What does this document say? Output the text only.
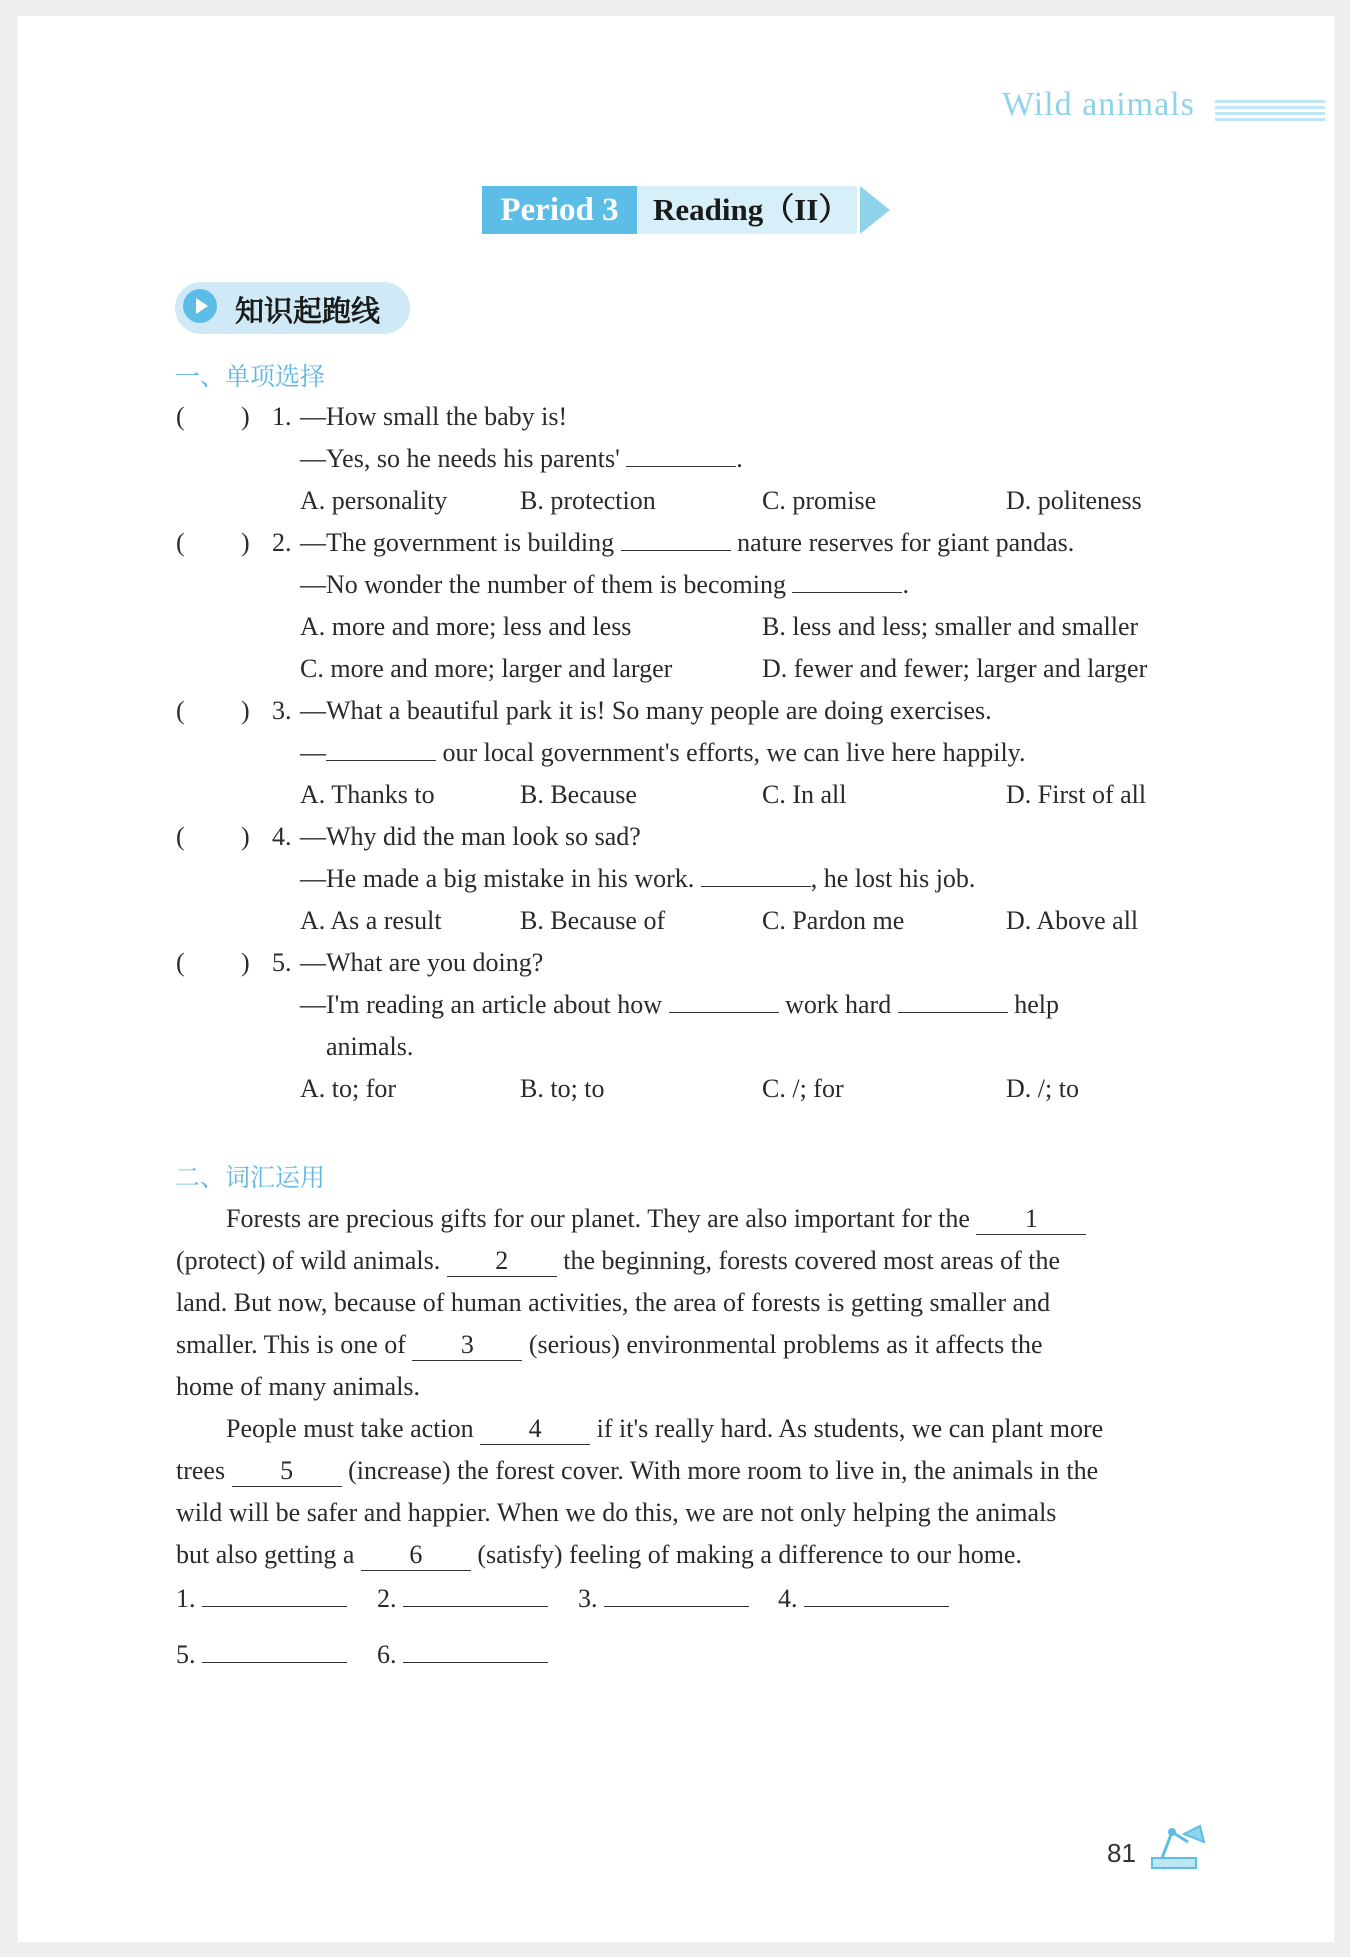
Wild animals
Period 3	Reading（II）
知识起跑线
一、单项选择
( ) 1. —How small the baby is!
—Yes, so he needs his parents'	.
A. personality	B. protection	C. promise	D. politeness
( ) 2. —The government is building	nature reserves for giant pandas.
—No wonder the number of them is becoming	.
A. more and more; less and less	B. less and less; smaller and smaller
C. more and more; larger and larger	D. fewer and fewer; larger and larger
( ) 3. —What a beautiful park it is! So many people are doing exercises.
—	our local government's efforts, we can live here happily.
A. Thanks to	B. Because	C. In all	D. First of all
( ) 4. —Why did the man look so sad?
—He made a big mistake in his work.	, he lost his job.
A. As a result	B. Because of	C. Pardon me	D. Above all
( ) 5. —What are you doing?
—I'm reading an article about how	work hard	help
animals.
A. to; for	B. to; to	C. /; for	D. /; to
二、词汇运用
Forests are precious gifts for our planet. They are also important for the 1
(protect) of wild animals. 2 the beginning, forests covered most areas of the
land. But now, because of human activities, the area of forests is getting smaller and
smaller. This is one of 3 (serious) environmental problems as it affects the
home of many animals.
People must take action 4 if it's really hard. As students, we can plant more
trees 5 (increase) the forest cover. With more room to live in, the animals in the
wild will be safer and happier. When we do this, we are not only helping the animals
but also getting a 6 (satisfy) feeling of making a difference to our home.
1.	2.	3.	4.
5.	6.
81
